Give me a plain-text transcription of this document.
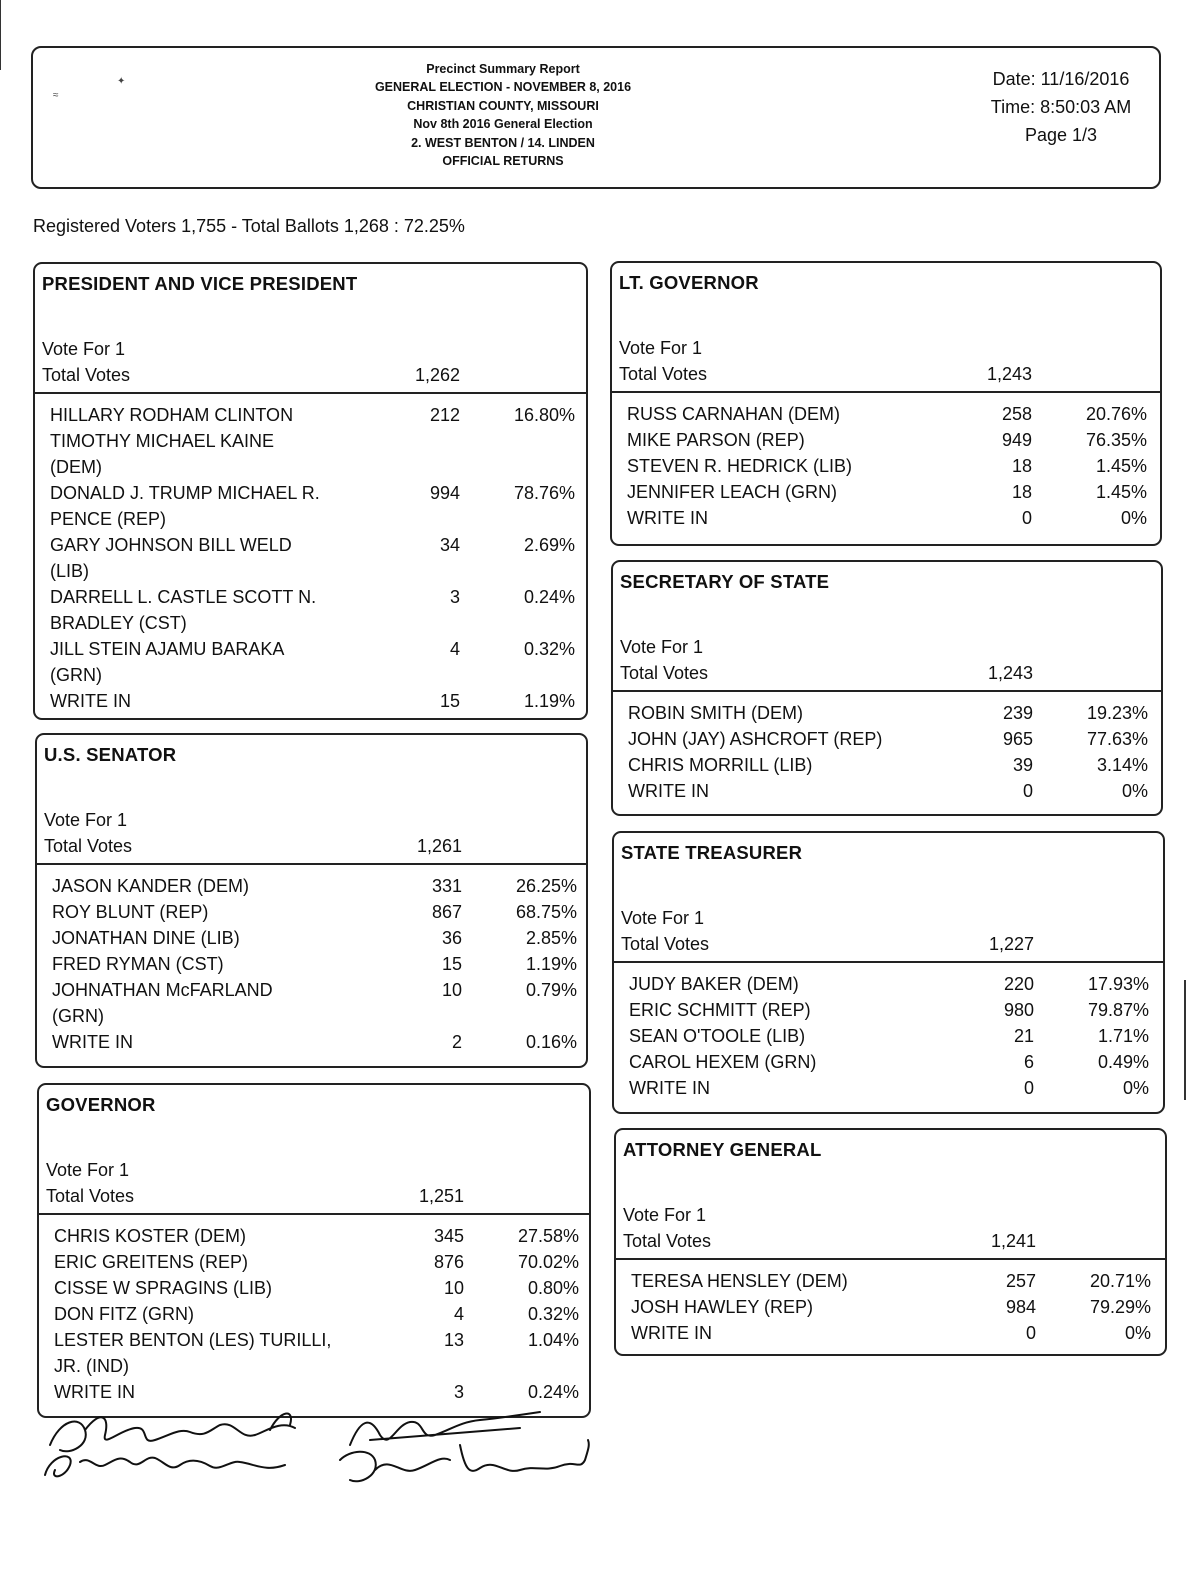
≈
✦
Precinct Summary Report
GENERAL ELECTION - NOVEMBER 8, 2016
CHRISTIAN COUNTY, MISSOURI
Nov 8th 2016 General Election
2. WEST BENTON / 14. LINDEN
OFFICIAL RETURNS
Date: 11/16/2016
Time: 8:50:03 AM
Page 1/3
Registered Voters 1,755 - Total Ballots 1,268 : 72.25%
PRESIDENT AND VICE PRESIDENT
Vote For 1
Total Votes	1,262
HILLARY RODHAM CLINTON
TIMOTHY MICHAEL KAINE
(DEM)
212	16.80%
DONALD J. TRUMP MICHAEL R.
PENCE (REP)
994	78.76%
GARY JOHNSON BILL WELD
(LIB)
34	2.69%
DARRELL L. CASTLE SCOTT N.
BRADLEY (CST)
3	0.24%
JILL STEIN AJAMU BARAKA
(GRN)
4	0.32%
WRITE IN	15	1.19%
U.S. SENATOR
Vote For 1
Total Votes	1,261
JASON KANDER (DEM)	331	26.25%
ROY BLUNT (REP)	867	68.75%
JONATHAN DINE (LIB)	36	2.85%
FRED RYMAN (CST)	15	1.19%
JOHNATHAN McFARLAND
(GRN)
10	0.79%
WRITE IN	2	0.16%
GOVERNOR
Vote For 1
Total Votes	1,251
CHRIS KOSTER (DEM)	345	27.58%
ERIC GREITENS (REP)	876	70.02%
CISSE W SPRAGINS (LIB)	10	0.80%
DON FITZ (GRN)	4	0.32%
LESTER BENTON (LES) TURILLI,
JR. (IND)
13	1.04%
WRITE IN	3	0.24%
LT. GOVERNOR
Vote For 1
Total Votes	1,243
RUSS CARNAHAN (DEM)	258	20.76%
MIKE PARSON (REP)	949	76.35%
STEVEN R. HEDRICK (LIB)	18	1.45%
JENNIFER LEACH (GRN)	18	1.45%
WRITE IN	0	0%
SECRETARY OF STATE
Vote For 1
Total Votes	1,243
ROBIN SMITH (DEM)	239	19.23%
JOHN (JAY) ASHCROFT (REP)	965	77.63%
CHRIS MORRILL (LIB)	39	3.14%
WRITE IN	0	0%
STATE TREASURER
Vote For 1
Total Votes	1,227
JUDY BAKER (DEM)	220	17.93%
ERIC SCHMITT (REP)	980	79.87%
SEAN O'TOOLE (LIB)	21	1.71%
CAROL HEXEM (GRN)	6	0.49%
WRITE IN	0	0%
ATTORNEY GENERAL
Vote For 1
Total Votes	1,241
TERESA HENSLEY (DEM)	257	20.71%
JOSH HAWLEY (REP)	984	79.29%
WRITE IN	0	0%
